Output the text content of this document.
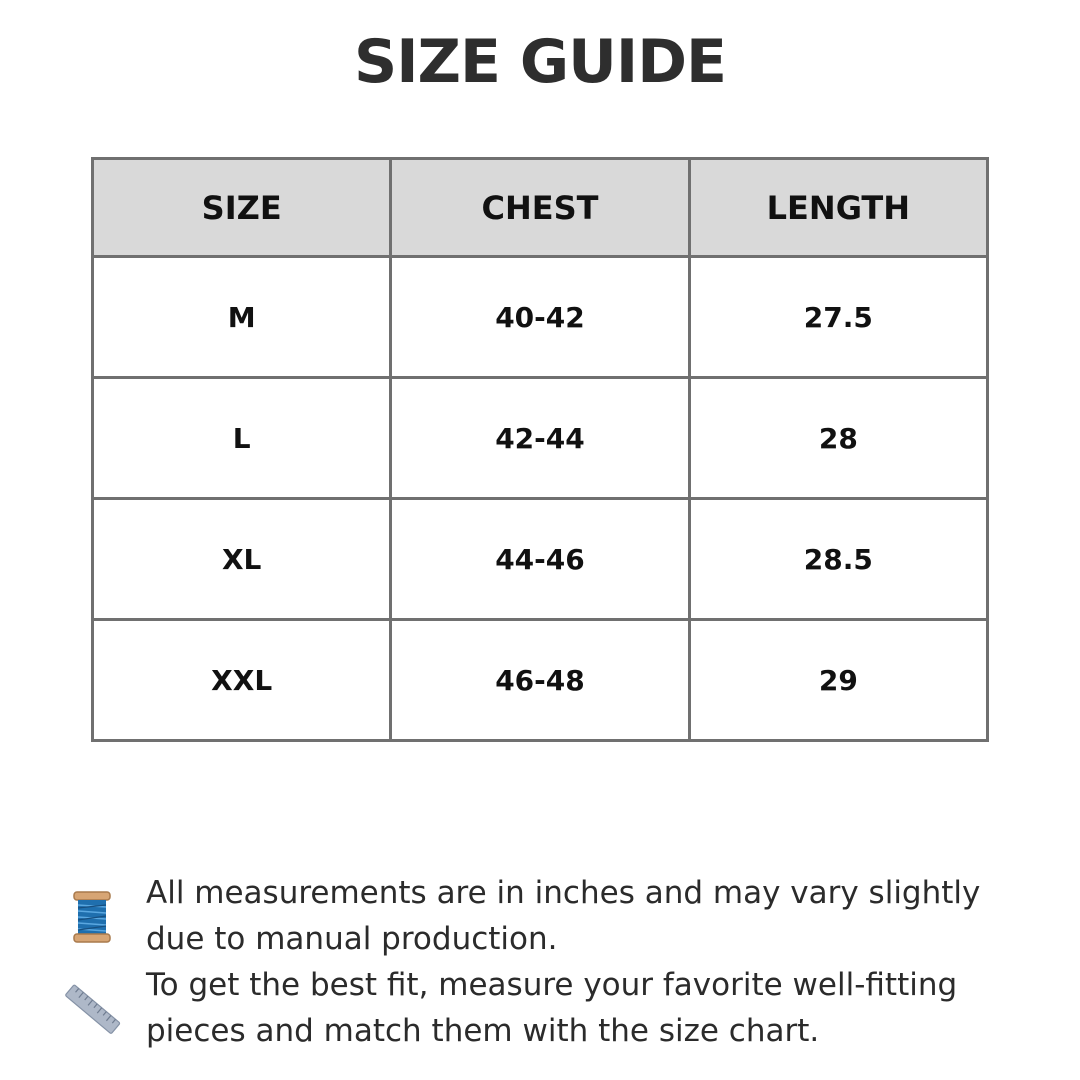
SIZE GUIDE
SIZE	CHEST	LENGTH
M	40-42	27.5
L	42-44	28
XL	44-46	28.5
XXL	46-48	29
All measurements are in inches and may vary slightly due to manual production.
To get the best fit, measure your favorite well-fitting pieces and match them with the size chart.
